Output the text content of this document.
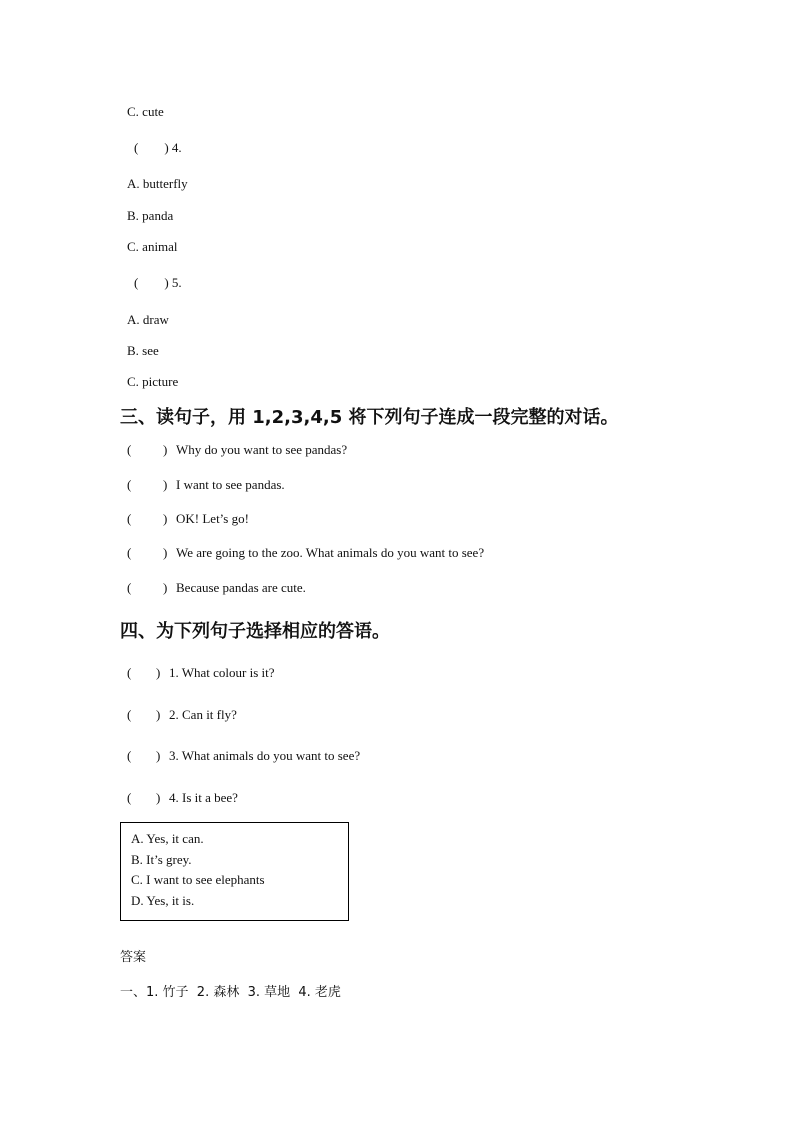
C. cute
(        ) 4.
A. butterfly
B. panda
C. animal
(        ) 5.
A. draw
B. see
C. picture
三、读句子，用 1,2,3,4,5 将下列句子连成一段完整的对话。
( ) Why do you want to see pandas?
( ) I want to see pandas.
( ) OK! Let’s go!
( ) We are going to the zoo. What animals do you want to see?
( ) Because pandas are cute.
四、为下列句子选择相应的答语。
( ) 1. What colour is it?
( ) 2. Can it fly?
( ) 3. What animals do you want to see?
( ) 4. Is it a bee?
A. Yes, it can.
B. It’s grey.
C. I want to see elephants
D. Yes, it is.
答案
一、1. 竹子  2. 森林  3. 草地  4. 老虎
